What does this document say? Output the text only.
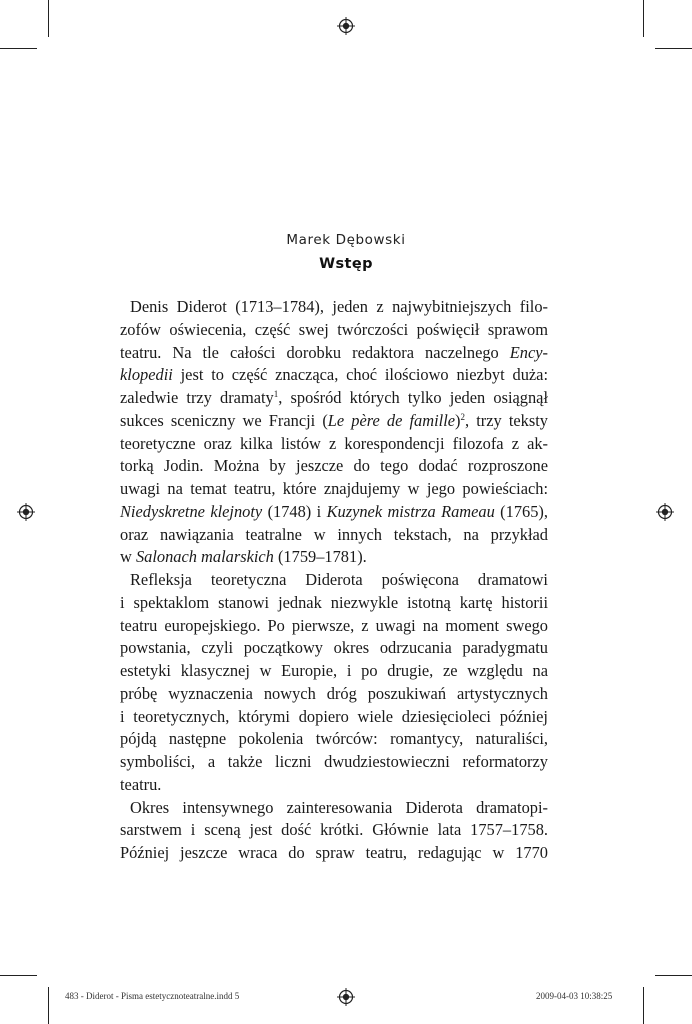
Marek Dębowski
Wstęp
Denis Diderot (1713–1784), jeden z najwybitniejszych filo-
zofów oświecenia, część swej twórczości poświęcił sprawom
teatru. Na tle całości dorobku redaktora naczelnego Ency-
klopedii jest to część znacząca, choć ilościowo niezbyt duża:
zaledwie trzy dramaty$^1$, spośród których tylko jeden osiągnął
sukces sceniczny we Francji (Le père de famille)$^2$, trzy teksty
teoretyczne oraz kilka listów z korespondencji filozofa z ak-
torką Jodin. Można by jeszcze do tego dodać rozproszone
uwagi na temat teatru, które znajdujemy w jego powieściach:
Niedyskretne klejnoty (1748) i Kuzynek mistrza Rameau (1765),
oraz nawiązania teatralne w innych tekstach, na przykład
w Salonach malarskich (1759–1781).
Refleksja teoretyczna Diderota poświęcona dramatowi
i spektaklom stanowi jednak niezwykle istotną kartę historii
teatru europejskiego. Po pierwsze, z uwagi na moment swego
powstania, czyli początkowy okres odrzucania paradygmatu
estetyki klasycznej w Europie, i po drugie, ze względu na
próbę wyznaczenia nowych dróg poszukiwań artystycznych
i teoretycznych, którymi dopiero wiele dziesięcioleci później
pójdą następne pokolenia twórców: romantycy, naturaliści,
symboliści, a także liczni dwudziestowieczni reformatorzy
teatru.
Okres intensywnego zainteresowania Diderota dramatopi-
sarstwem i sceną jest dość krótki. Głównie lata 1757–1758.
Później jeszcze wraca do spraw teatru, redagując w 1770
483 - Diderot - Pisma estetycznoteatralne.indd 5	2009-04-03 10:38:25
